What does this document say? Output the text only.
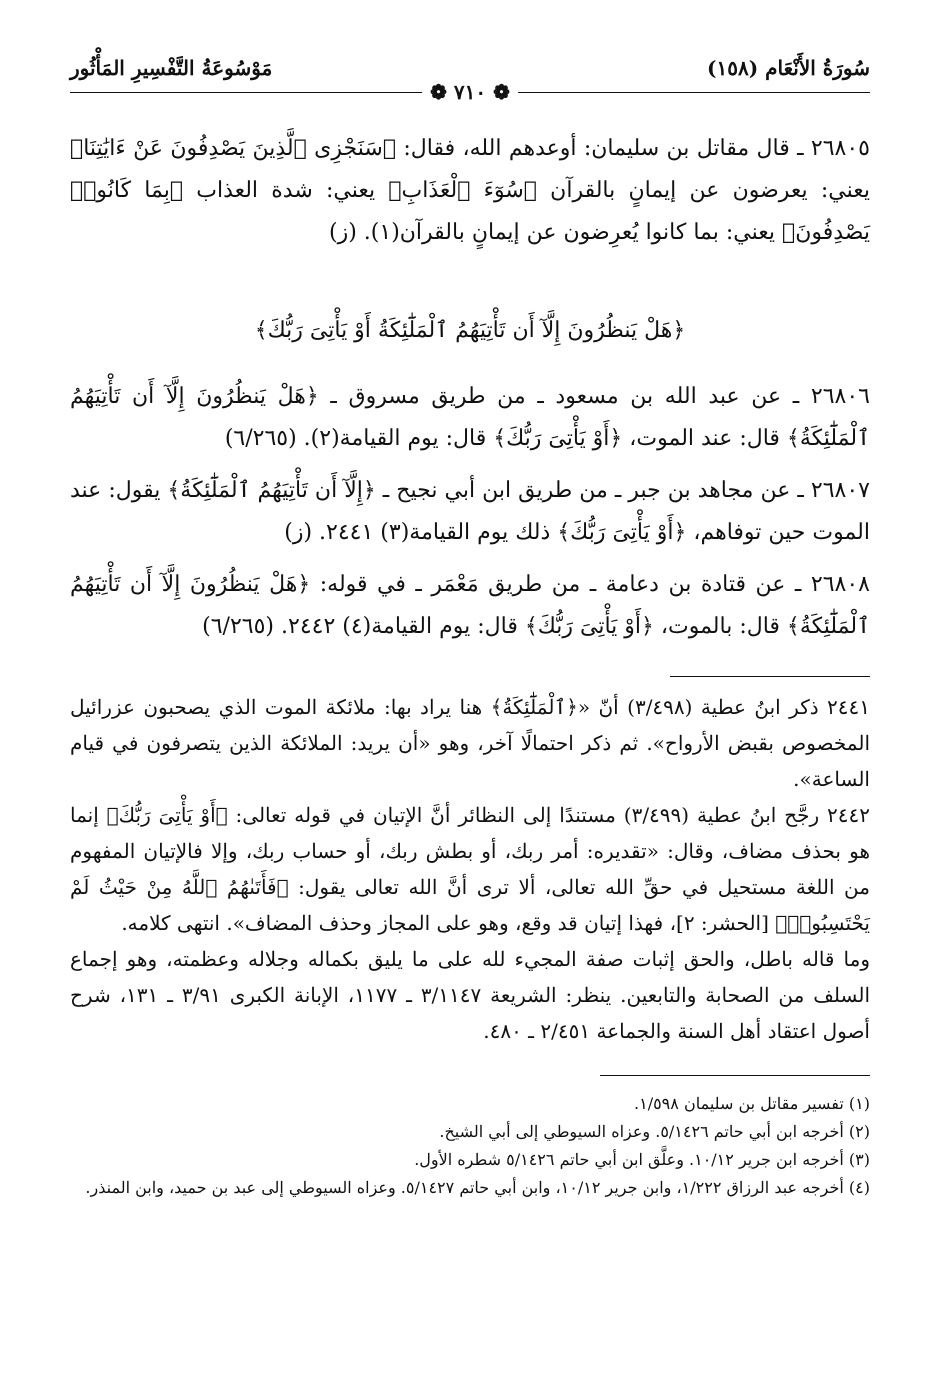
سُورَةُ الأَنْعَام (١٥٨)
مَوْسُوعَةُ التَّفْسِيرِ المَأْثُور
❁ ٧١٠ ❁

٢٦٨٠٥ ـ قال مقاتل بن سليمان: أوعدهم الله، فقال: ﴿سَنَجْزِى ٱلَّذِينَ يَصْدِفُونَ عَنْ ءَايَٰتِنَا﴾ يعني: يعرضون عن إيمانٍ بالقرآن ﴿سُوٓءَ ٱلْعَذَابِ﴾ يعني: شدة العذاب ﴿بِمَا كَانُوا۟ يَصْدِفُونَ﴾ يعني: بما كانوا يُعرِضون عن إيمانٍ بالقرآن(١). (ز)

﴿هَلْ يَنظُرُونَ إِلَّآ أَن تَأْتِيَهُمُ ٱلْمَلَٰٓئِكَةُ أَوْ يَأْتِىَ رَبُّكَ﴾

٢٦٨٠٦ ـ عن عبد الله بن مسعود ـ من طريق مسروق ـ ﴿هَلْ يَنظُرُونَ إِلَّآ أَن تَأْتِيَهُمُ ٱلْمَلَٰٓئِكَةُ﴾ قال: عند الموت، ﴿أَوْ يَأْتِىَ رَبُّكَ﴾ قال: يوم القيامة(٢). (٦/٢٦٥)

٢٦٨٠٧ ـ عن مجاهد بن جبر ـ من طريق ابن أبي نجيح ـ ﴿إِلَّآ أَن تَأْتِيَهُمُ ٱلْمَلَٰٓئِكَةُ﴾ يقول: عند الموت حين توفاهم، ﴿أَوْ يَأْتِىَ رَبُّكَ﴾ ذلك يوم القيامة(٣) ٢٤٤١. (ز)

٢٦٨٠٨ ـ عن قتادة بن دعامة ـ من طريق مَعْمَر ـ في قوله: ﴿هَلْ يَنظُرُونَ إِلَّآ أَن تَأْتِيَهُمُ ٱلْمَلَٰٓئِكَةُ﴾ قال: بالموت، ﴿أَوْ يَأْتِىَ رَبُّكَ﴾ قال: يوم القيامة(٤) ٢٤٤٢. (٦/٢٦٥)

٢٤٤١ ذكر ابنُ عطية (٣/٤٩٨) أنّ «﴿ٱلْمَلَٰٓئِكَةُ﴾ هنا يراد بها: ملائكة الموت الذي يصحبون عزرائيل المخصوص بقبض الأرواح». ثم ذكر احتمالًا آخر، وهو «أن يريد: الملائكة الذين يتصرفون في قيام الساعة».

٢٤٤٢ رجَّح ابنُ عطية (٣/٤٩٩) مستندًا إلى النظائر أنَّ الإتيان في قوله تعالى: ﴿أَوْ يَأْتِىَ رَبُّكَ﴾ إنما هو بحذف مضاف، وقال: «تقديره: أمر ربك، أو بطش ربك، أو حساب ربك، وإلا فالإتيان المفهوم من اللغة مستحيل في حقِّ الله تعالى، ألا ترى أنَّ الله تعالى يقول: ﴿فَأَتَىٰهُمُ ٱللَّهُ مِنْ حَيْثُ لَمْ يَحْتَسِبُوا۟﴾ [الحشر: ٢]، فهذا إتيان قد وقع، وهو على المجاز وحذف المضاف». انتهى كلامه.

وما قاله باطل، والحق إثبات صفة المجيء لله على ما يليق بكماله وجلاله وعظمته، وهو إجماع السلف من الصحابة والتابعين. ينظر: الشريعة ٣/١١٤٧ ـ ١١٧٧، الإبانة الكبرى ٣/٩١ ـ ١٣١، شرح أصول اعتقاد أهل السنة والجماعة ٢/٤٥١ ـ ٤٨٠.

(١) تفسير مقاتل بن سليمان ١/٥٩٨.

(٢) أخرجه ابن أبي حاتم ٥/١٤٢٦. وعزاه السيوطي إلى أبي الشيخ.

(٣) أخرجه ابن جرير ١٠/١٢. وعلَّق ابن أبي حاتم ٥/١٤٢٦ شطره الأول.

(٤) أخرجه عبد الرزاق ١/٢٢٢، وابن جرير ١٠/١٢، وابن أبي حاتم ٥/١٤٢٧. وعزاه السيوطي إلى عبد بن حميد، وابن المنذر.
